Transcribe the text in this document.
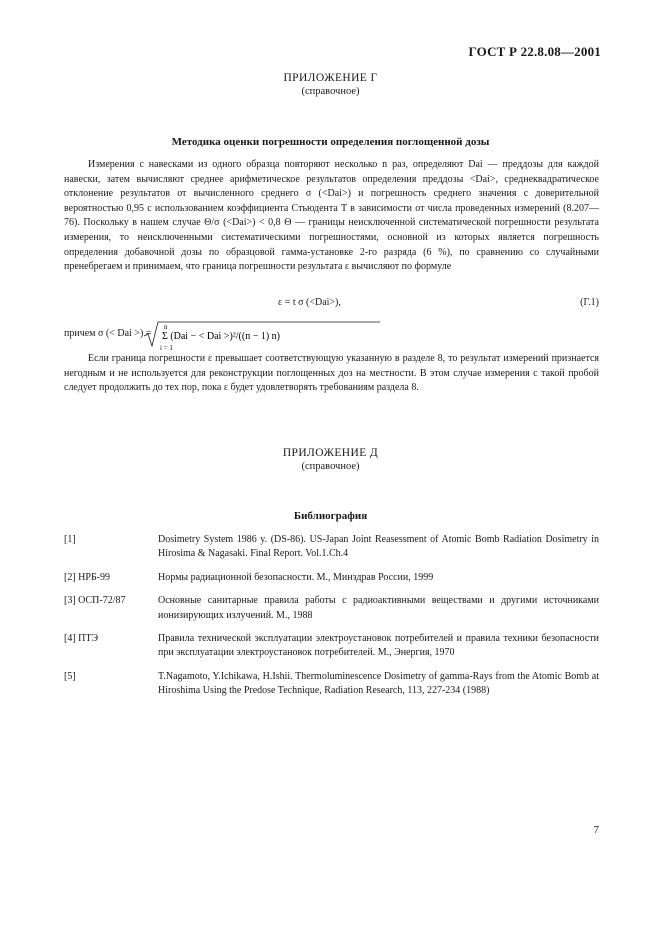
ГОСТ Р 22.8.08—2001
ПРИЛОЖЕНИЕ Г
(справочное)
Методика оценки погрешности определения поглощенной дозы

Измерения с навесками из одного образца повторяют несколько n раз, определяют Dai — преддозы для каждой навески, затем вычисляют среднее арифметическое результатов определения преддозы <Dai>, среднеквадратическое отклонение результатов от вычисленного среднего σ (<Dai>) и погрешность среднего значения с доверительной вероятностью 0,95 с использованием коэффициента Стьюдента T в зависимости от числа проведенных измерений (8.207—76). Поскольку в нашем случае Θ/σ (<Dai>) < 0,8 Θ — границы неисключенной систематической погрешности результата измерения, то неисключенными систематическими погрешностями, основной из которых является погрешность определения добавочной дозы по образцовой гамма-установке 2-го разряда (6 %), по сравнению со случайными пренебрегаем и принимаем, что граница погрешности результата ε вычисляют по формуле

ε = t σ (<Dai>),	(Г.1)
причем σ (< Dai >) =
n
Σ (Dai − < Dai >)²/((n − 1) n)
i = 1

Если граница погрешности ε превышает соответствующую указанную в разделе 8, то результат измерений признается негодным и не используется для реконструкции поглощенных доз на местности. В этом случае измерения с такой пробой следует продолжить до тех пор, пока ε будет удовлетворять требованиям раздела 8.

ПРИЛОЖЕНИЕ Д
(справочное)
Библиография
[1]	Dosimetry System 1986 y. (DS-86). US-Japan Joint Reasessment of Atomic Bomb Radiation Dosimetry in Hirosima & Nagasaki. Final Report. Vol.1.Ch.4
[2] НРБ-99	Нормы радиационной безопасности. М., Минздрав России, 1999
[3] ОСП-72/87	Основные санитарные правила работы с радиоактивными веществами и другими источниками ионизирующих излучений. М., 1988
[4] ПТЭ	Правила технической эксплуатации электроустановок потребителей и правила техники безопасности при эксплуатации электроустановок потребителей. М., Энергия, 1970
[5]	T.Nagamoto, Y.Ichikawa, H.Ishii. Thermoluminescence Dosimetry of gamma-Rays from the Atomic Bomb at Hiroshima Using the Predose Technique, Radiation Research, 113, 227-234 (1988)
7
